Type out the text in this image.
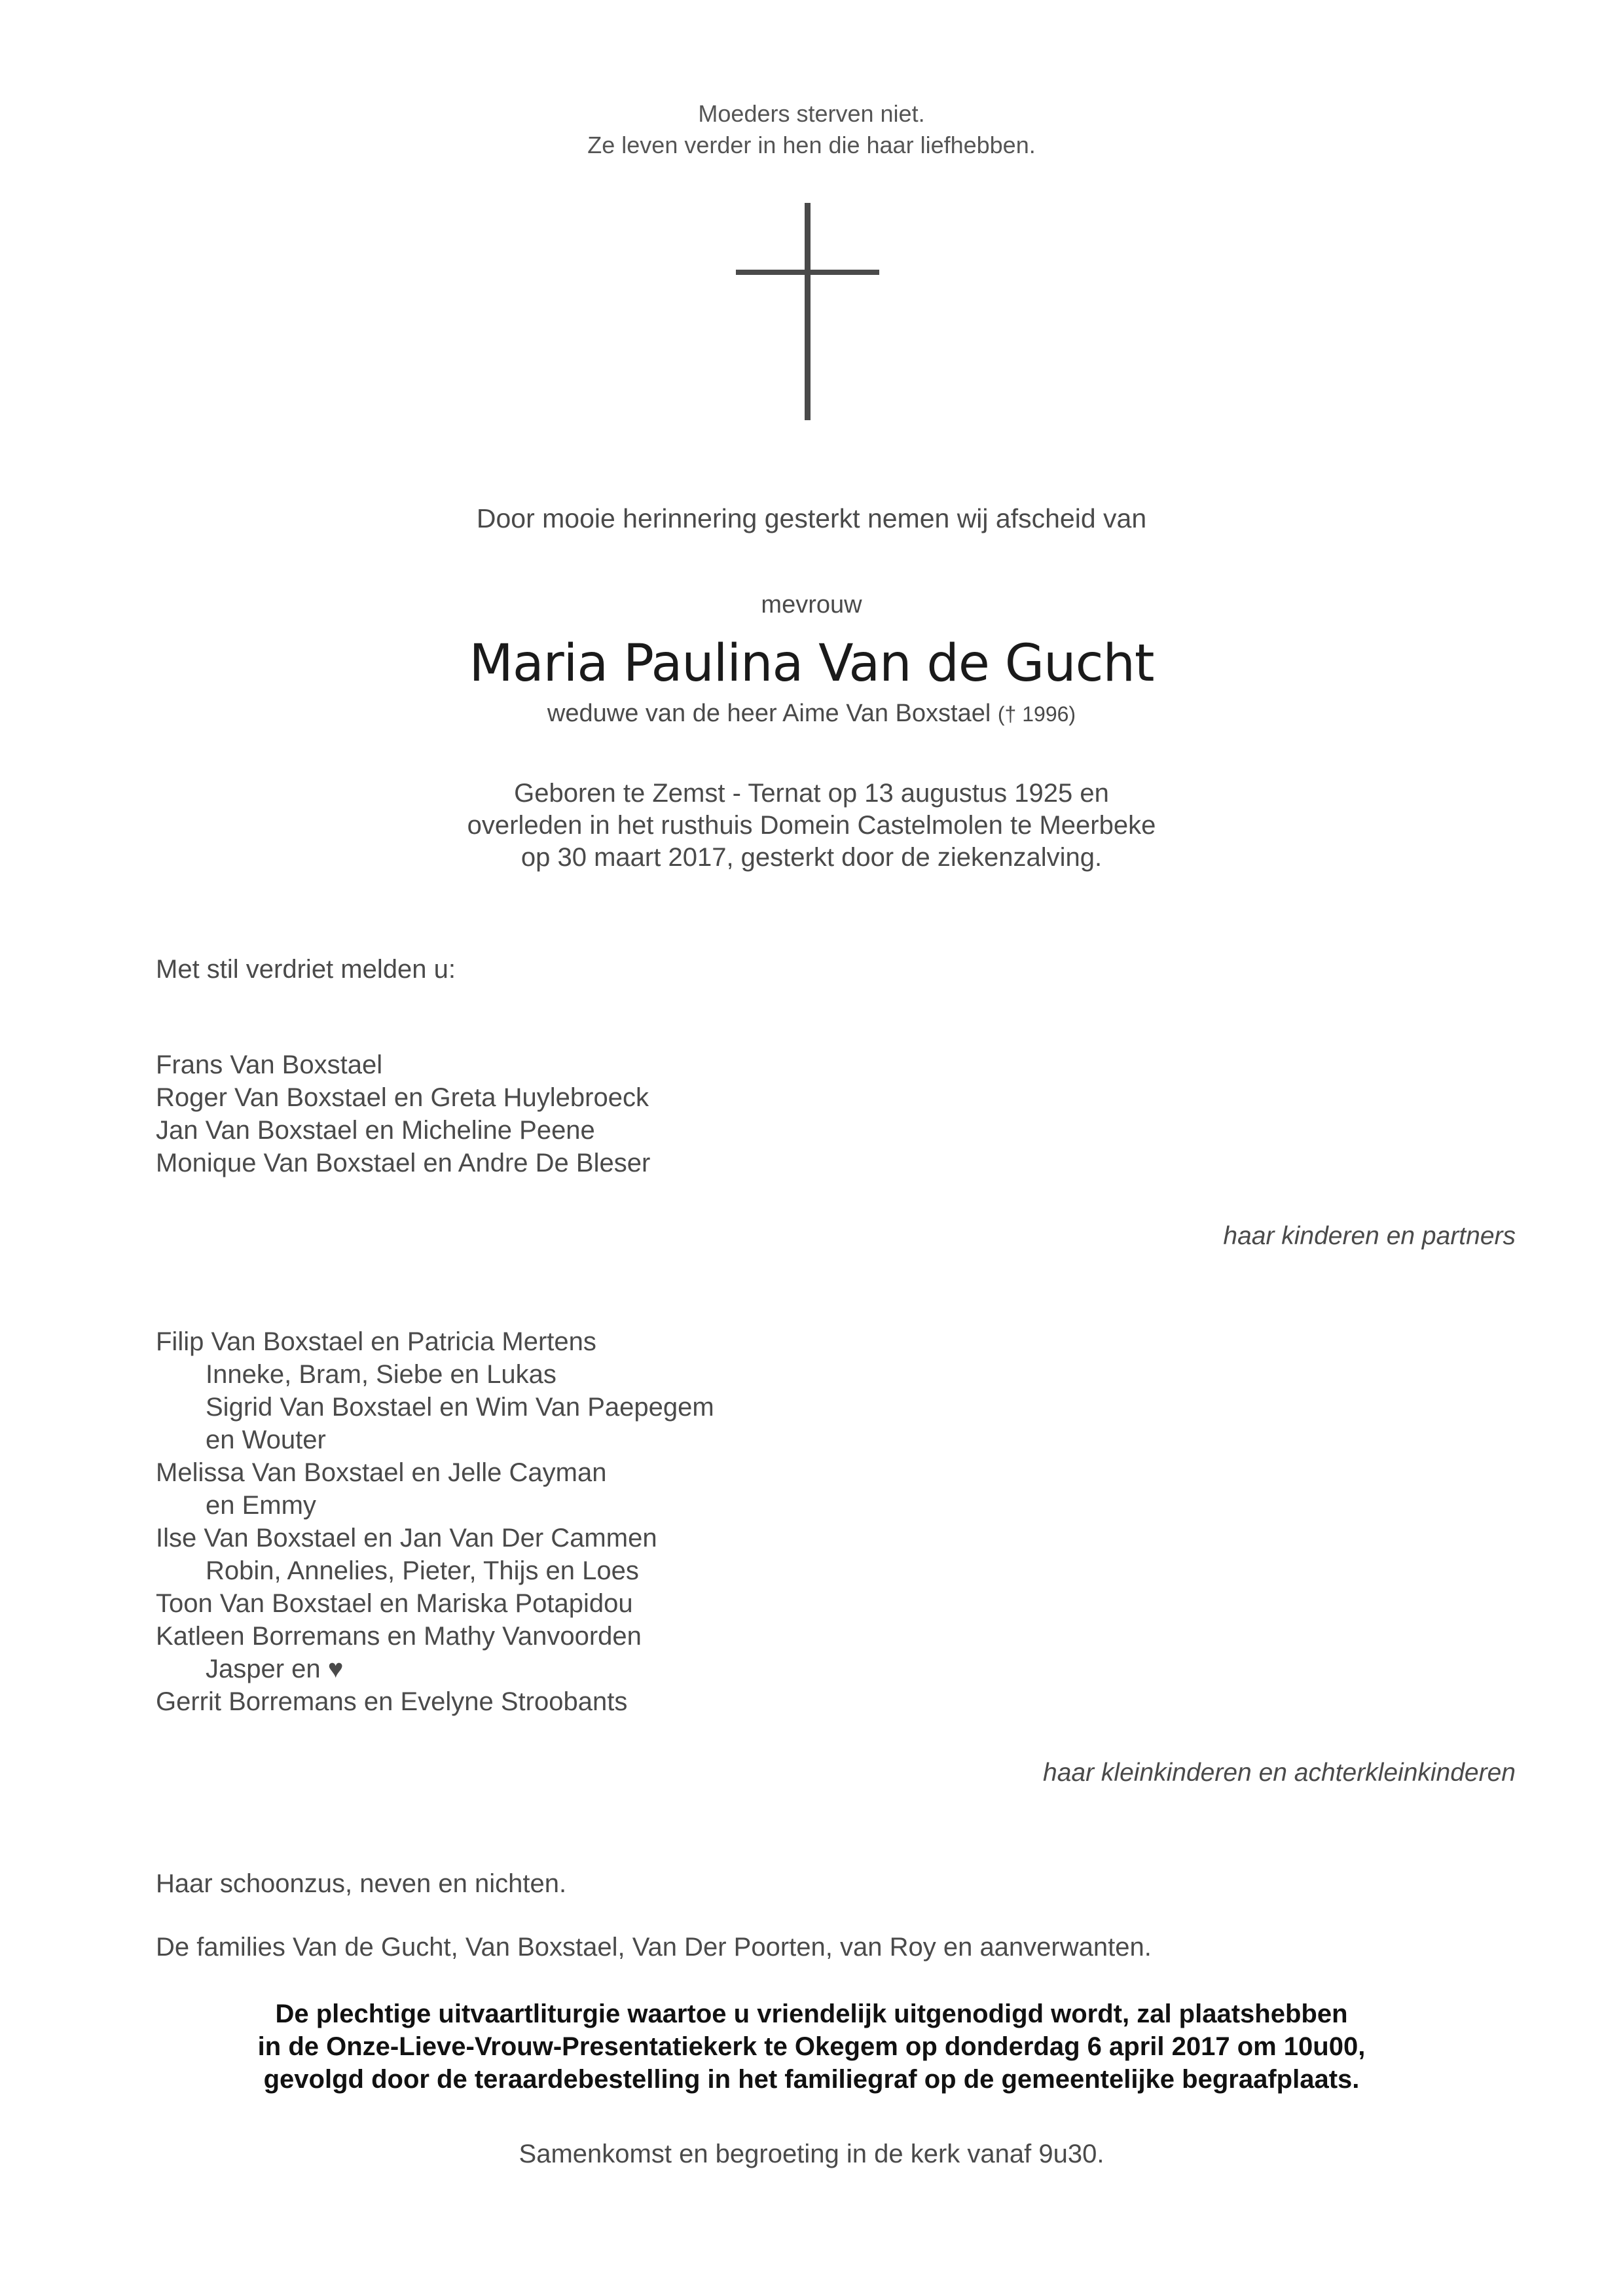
Moeders sterven niet.
Ze leven verder in hen die haar liefhebben.
Door mooie herinnering gesterkt nemen wij afscheid van
mevrouw
Maria Paulina Van de Gucht
weduwe van de heer Aime Van Boxstael († 1996)
Geboren te Zemst - Ternat op 13 augustus 1925 en
overleden in het rusthuis Domein Castelmolen te Meerbeke
op 30 maart 2017, gesterkt door de ziekenzalving.
Met stil verdriet melden u:
Frans Van Boxstael
Roger Van Boxstael en Greta Huylebroeck
Jan Van Boxstael en Micheline Peene
Monique Van Boxstael en Andre De Bleser
haar kinderen en partners
Filip Van Boxstael en Patricia Mertens
Inneke, Bram, Siebe en Lukas
Sigrid Van Boxstael en Wim Van Paepegem
en Wouter
Melissa Van Boxstael en Jelle Cayman
en Emmy
Ilse Van Boxstael en Jan Van Der Cammen
Robin, Annelies, Pieter, Thijs en Loes
Toon Van Boxstael en Mariska Potapidou
Katleen Borremans en Mathy Vanvoorden
Jasper en ♥
Gerrit Borremans en Evelyne Stroobants
haar kleinkinderen en achterkleinkinderen
Haar schoonzus, neven en nichten.
De families Van de Gucht, Van Boxstael, Van Der Poorten, van Roy en aanverwanten.
De plechtige uitvaartliturgie waartoe u vriendelijk uitgenodigd wordt, zal plaatshebben
in de Onze-Lieve-Vrouw-Presentatiekerk te Okegem op donderdag 6 april 2017 om 10u00,
gevolgd door de teraardebestelling in het familiegraf op de gemeentelijke begraafplaats.
Samenkomst en begroeting in de kerk vanaf 9u30.
